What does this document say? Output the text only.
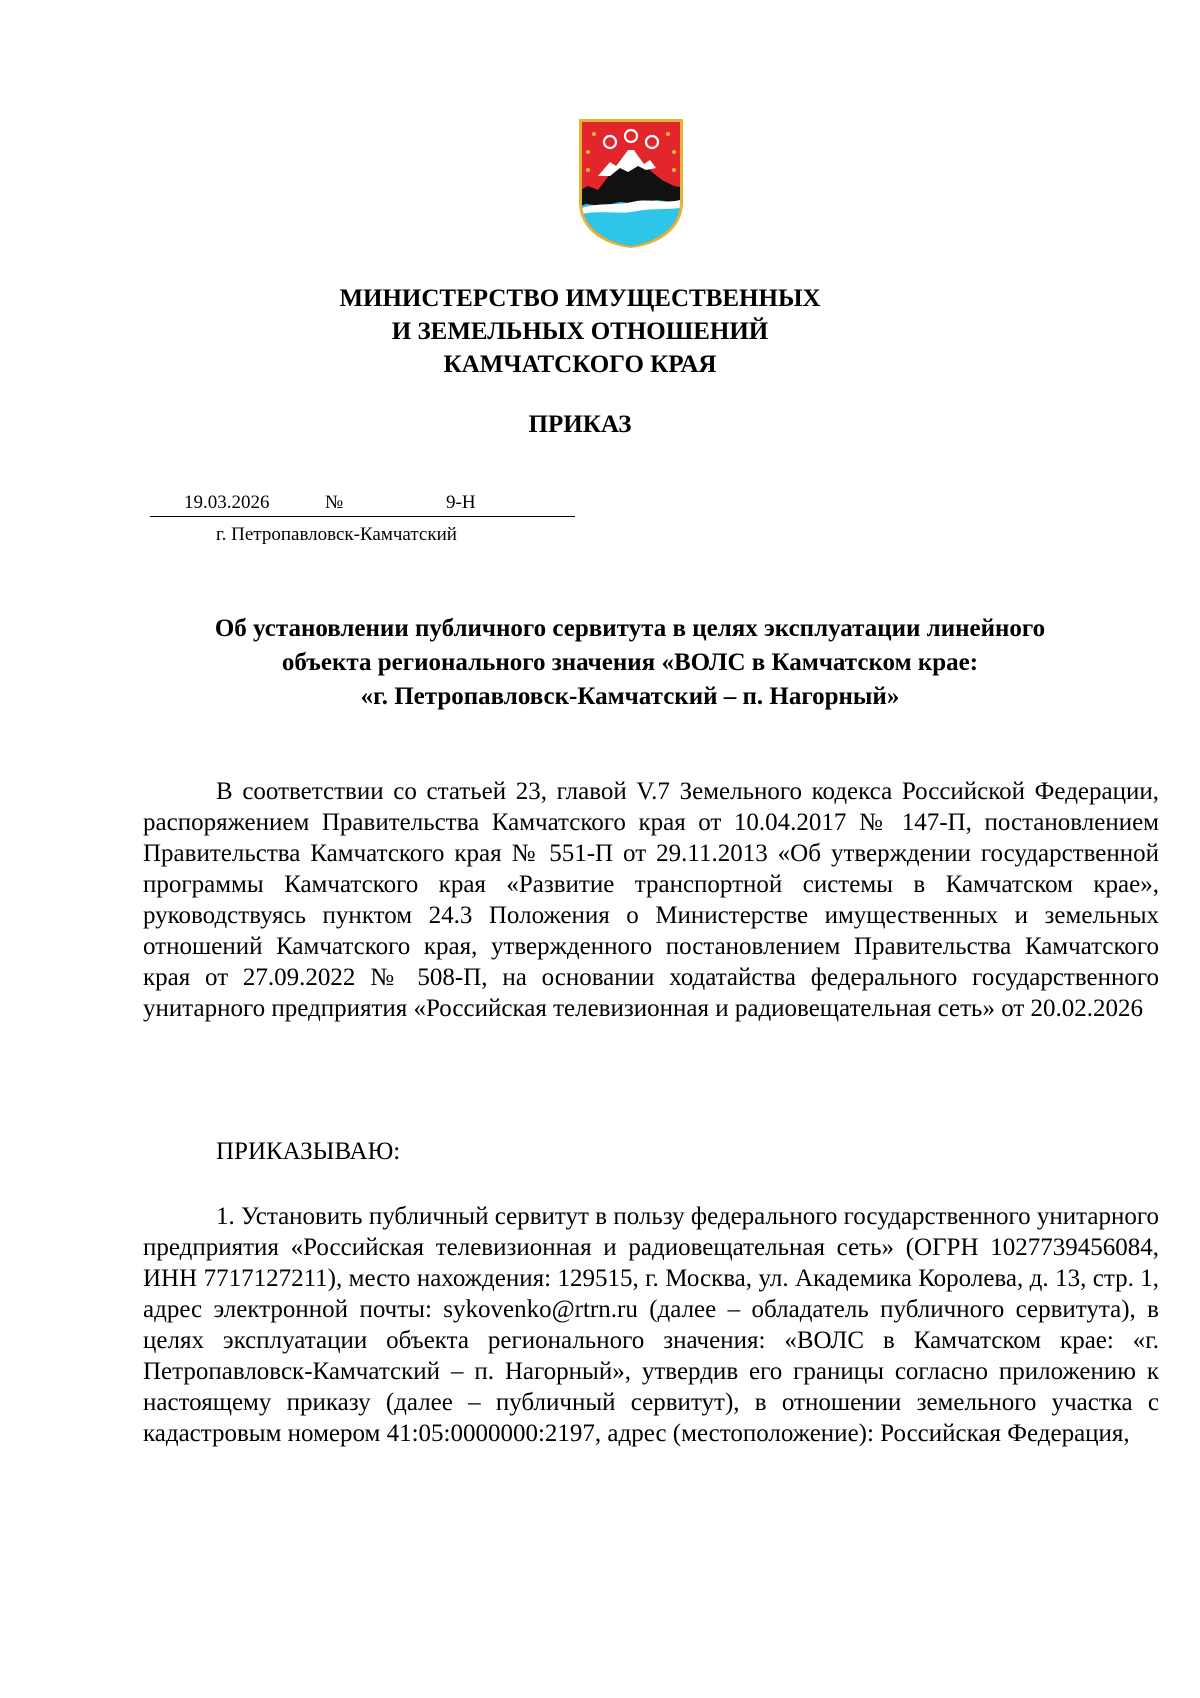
МИНИСТЕРСТВО ИМУЩЕСТВЕННЫХ
И ЗЕМЕЛЬНЫХ ОТНОШЕНИЙ
КАМЧАТСКОГО КРАЯ
ПРИКАЗ
19.03.2026	№	9-Н
г. Петропавловск-Камчатский
Об установлении публичного сервитута в целях эксплуатации линейного
объекта регионального значения «ВОЛС в Камчатском крае:
«г. Петропавловск-Камчатский – п. Нагорный»
В соответствии со статьей 23, главой V.7 Земельного кодекса Российской Федерации, распоряжением Правительства Камчатского края от 10.04.2017 № 147-П, постановлением Правительства Камчатского края № 551-П от 29.11.2013 «Об утверждении государственной программы Камчатского края «Развитие транспортной системы в Камчатском крае», руководствуясь пунктом 24.3 Положения о Министерстве имущественных и земельных отношений Камчатского края, утвержденного постановлением Правительства Камчатского края от 27.09.2022 № 508-П, на основании ходатайства федерального государственного унитарного предприятия «Российская телевизионная и радиовещательная сеть» от 20.02.2026
ПРИКАЗЫВАЮ:
1. Установить публичный сервитут в пользу федерального государственного унитарного предприятия «Российская телевизионная и радиовещательная сеть» (ОГРН 1027739456084, ИНН 7717127211), место нахождения: 129515, г. Москва, ул. Академика Королева, д. 13, стр. 1, адрес электронной почты: sykovenko@rtrn.ru (далее – обладатель публичного сервитута), в целях эксплуатации объекта регионального значения: «ВОЛС в Камчатском крае: «г. Петропавловск-Камчатский – п. Нагорный», утвердив его границы согласно приложению к настоящему приказу (далее – публичный сервитут), в отношении земельного участка с кадастровым номером 41:05:0000000:2197, адрес (местоположение): Российская Федерация,
